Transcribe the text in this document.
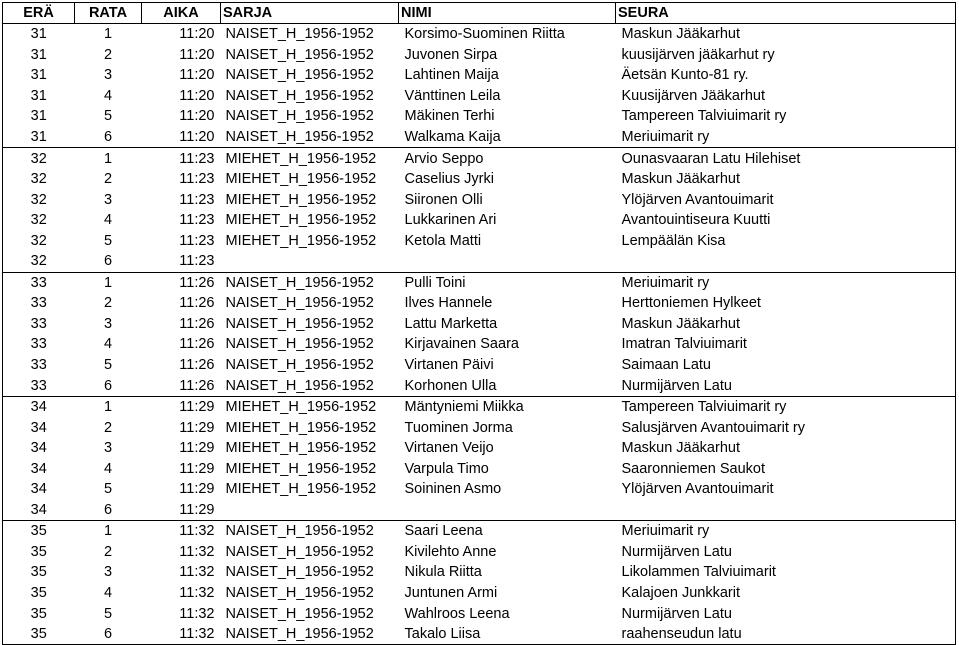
ERÄ	RATA	AIKA	SARJA	NIMI	SEURA
31	1	11:20	NAISET_H_1956-1952	Korsimo-Suominen Riitta	Maskun Jääkarhut
31	2	11:20	NAISET_H_1956-1952	Juvonen Sirpa	kuusijärven jääkarhut ry
31	3	11:20	NAISET_H_1956-1952	Lahtinen Maija	Äetsän Kunto-81 ry.
31	4	11:20	NAISET_H_1956-1952	Vänttinen Leila	Kuusijärven Jääkarhut
31	5	11:20	NAISET_H_1956-1952	Mäkinen Terhi	Tampereen Talviuimarit ry
31	6	11:20	NAISET_H_1956-1952	Walkama Kaija	Meriuimarit ry
32	1	11:23	MIEHET_H_1956-1952	Arvio Seppo	Ounasvaaran Latu Hilehiset
32	2	11:23	MIEHET_H_1956-1952	Caselius Jyrki	Maskun Jääkarhut
32	3	11:23	MIEHET_H_1956-1952	Siironen Olli	Ylöjärven Avantouimarit
32	4	11:23	MIEHET_H_1956-1952	Lukkarinen Ari	Avantouintiseura Kuutti
32	5	11:23	MIEHET_H_1956-1952	Ketola Matti	Lempäälän Kisa
32	6	11:23			
33	1	11:26	NAISET_H_1956-1952	Pulli Toini	Meriuimarit ry
33	2	11:26	NAISET_H_1956-1952	Ilves Hannele	Herttoniemen Hylkeet
33	3	11:26	NAISET_H_1956-1952	Lattu Marketta	Maskun Jääkarhut
33	4	11:26	NAISET_H_1956-1952	Kirjavainen Saara	Imatran Talviuimarit
33	5	11:26	NAISET_H_1956-1952	Virtanen Päivi	Saimaan Latu
33	6	11:26	NAISET_H_1956-1952	Korhonen Ulla	Nurmijärven Latu
34	1	11:29	MIEHET_H_1956-1952	Mäntyniemi Miikka	Tampereen Talviuimarit ry
34	2	11:29	MIEHET_H_1956-1952	Tuominen Jorma	Salusjärven Avantouimarit ry
34	3	11:29	MIEHET_H_1956-1952	Virtanen Veijo	Maskun Jääkarhut
34	4	11:29	MIEHET_H_1956-1952	Varpula Timo	Saaronniemen Saukot
34	5	11:29	MIEHET_H_1956-1952	Soininen Asmo	Ylöjärven Avantouimarit
34	6	11:29			
35	1	11:32	NAISET_H_1956-1952	Saari Leena	Meriuimarit ry
35	2	11:32	NAISET_H_1956-1952	Kivilehto Anne	Nurmijärven Latu
35	3	11:32	NAISET_H_1956-1952	Nikula Riitta	Likolammen Talviuimarit
35	4	11:32	NAISET_H_1956-1952	Juntunen Armi	Kalajoen Junkkarit
35	5	11:32	NAISET_H_1956-1952	Wahlroos Leena	Nurmijärven Latu
35	6	11:32	NAISET_H_1956-1952	Takalo Liisa	raahenseudun latu
